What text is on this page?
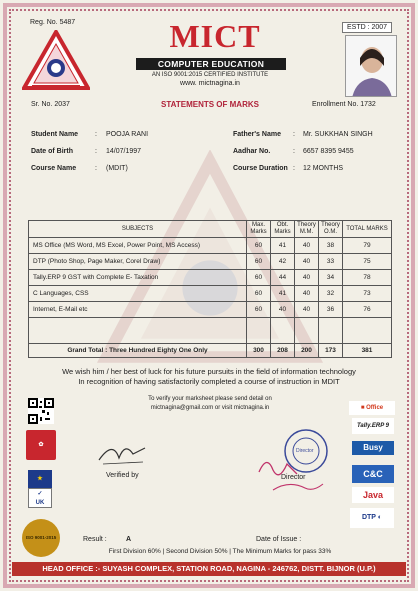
Reg. No. 5487
ESTD : 2007
MICT
COMPUTER EDUCATION
AN ISO 9001:2015 CERTIFIED INSTITUTE
www. mictnagina.in
Sr. No. 2037	STATEMENTS OF MARKS	Enrollment No. 1732
Student Name : POOJA RANI
Date of Birth	: 14/07/1997
Course Name	: (MDIT)
Father's Name : Mr. SUKKHAN SINGH
Aadhar No.	: 6657 8395 9455
Course Duration : 12 MONTHS
SUBJECTS	Max. Marks	Obt. Marks	Theory M.M.	Theory O.M.	TOTAL MARKS
MS Office (MS Word, MS Excel, Power Point, MS Access)	60	41	40	38	79
DTP (Photo Shop, Page Maker, Corel Draw)	60	42	40	33	75
Tally.ERP 9 GST with Complete E- Taxation	60	44	40	34	78
C Languages, CSS	60	41	40	32	73
Internet, E-Mail etc	60	40	40	36	76

Grand Total : Three Hundred Eighty One Only	300	208	200	173	381
We wish him / her best of luck for his future pursuits in the field of information technology
In recognition of having satisfactorily completed a course of instruction in MDIT
To verify your marksheet please send detail on
mictnagina@gmail.com or visit mictnagina.in
✿
★
✓
UK
ISO 9001-2015
Verified by
Director
Director
■ Office
Tally.ERP 9
Busy
C&C
Java
DTP ◐
Result :	A	Date of Issue :
First Division 60% | Second Division 50% | The Minimum Marks for pass 33%
HEAD OFFICE :- SUYASH COMPLEX, STATION ROAD, NAGINA - 246762, DISTT. BIJNOR (U.P.)
